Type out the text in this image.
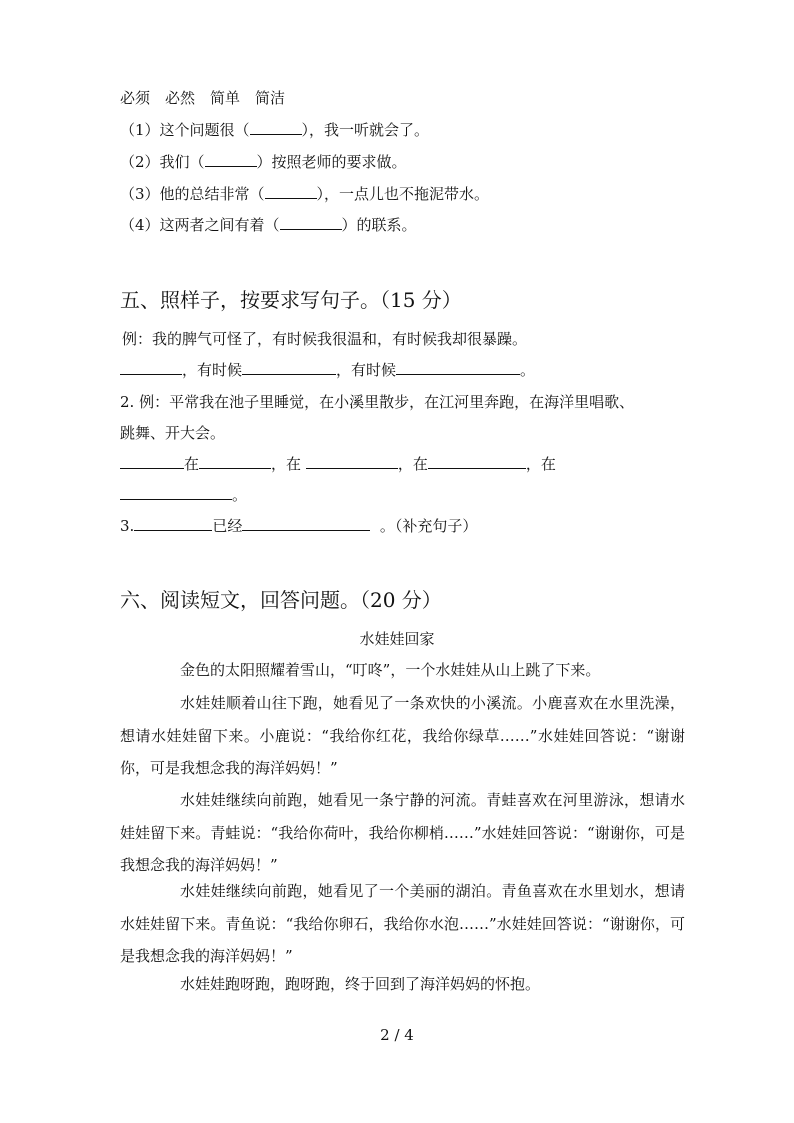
必须　必然　简单　简洁
（1）这个问题很（	），我一听就会了。
（2）我们（	）按照老师的要求做。
（3）他的总结非常（	），一点儿也不拖泥带水。
（4）这两者之间有着（	）的联系。
五、照样子，按要求写句子。（15 分）
例：我的脾气可怪了，有时候我很温和，有时候我却很暴躁。
，有时候	，有时候	。
2. 例：平常我在池子里睡觉，在小溪里散步，在江河里奔跑，在海洋里唱歌、
跳舞、开大会。
在	，在	，在	，在
。
3.	已经	。（补充句子）
六、阅读短文，回答问题。（20 分）
水娃娃回家
金色的太阳照耀着雪山，“叮咚”，一个水娃娃从山上跳了下来。
水娃娃顺着山往下跑，她看见了一条欢快的小溪流。小鹿喜欢在水里洗澡，想请水娃娃留下来。小鹿说：“我给你红花，我给你绿草……”水娃娃回答说：“谢谢你，可是我想念我的海洋妈妈！”
水娃娃继续向前跑，她看见一条宁静的河流。青蛙喜欢在河里游泳，想请水娃娃留下来。青蛙说：“我给你荷叶，我给你柳梢……”水娃娃回答说：“谢谢你，可是我想念我的海洋妈妈！”
水娃娃继续向前跑，她看见了一个美丽的湖泊。青鱼喜欢在水里划水，想请水娃娃留下来。青鱼说：“我给你卵石，我给你水泡……”水娃娃回答说：“谢谢你，可是我想念我的海洋妈妈！”
水娃娃跑呀跑，跑呀跑，终于回到了海洋妈妈的怀抱。
2 / 4
